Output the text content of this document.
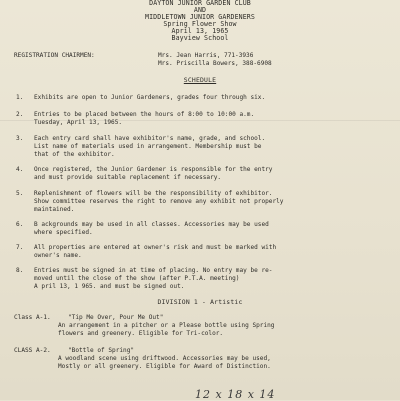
DAYTON JUNIOR GARDEN CLUB
AND
MIDDLETOWN JUNIOR GARDENERS
Spring Flower Show
April 13, 1965
Bayview School
REGISTRATION CHAIRMEN:	Mrs. Jean Harris, 771-3936
Mrs. Priscilla Bowers, 388-6908
SCHEDULE
1. Exhibits are open to Junior Gardeners, grades four through six.
2. Entries to be placed between the hours of 8:00 to 10:00 a.m.
Tuesday, April 13, 1965.
3. Each entry card shall have exhibitor's name, grade, and school.
List name of materials used in arrangement. Membership must be
that of the exhibitor.
4. Once registered, the Junior Gardener is responsible for the entry
and must provide suitable replacement if necessary.
5. Replenishment of flowers will be the responsibility of exhibitor.
Show committee reserves the right to remove any exhibit not properly
maintained.
6. B ackgrounds may be used in all classes. Accessories may be used
where specified.
7. All properties are entered at owner's risk and must be marked with
owner's name.
8. Entries must be signed in at time of placing. No entry may be re-
moved until the close of the show (after P.T.A. meeting)
A pril 13, 1 965. and must be signed out.
DIVISION 1 - Artistic
Class A-1.	"Tip Me Over, Pour Me Out"
An arrangement in a pitcher or a Please bottle using Spring
flowers and greenery. Eligible for Tri-color.
CLASS A-2.	"Bottle of Spring"
A woodland scene using driftwood. Accessories may be used,
Mostly or all greenery. Eligible for Award of Distinction.
12 x 18 x 14
